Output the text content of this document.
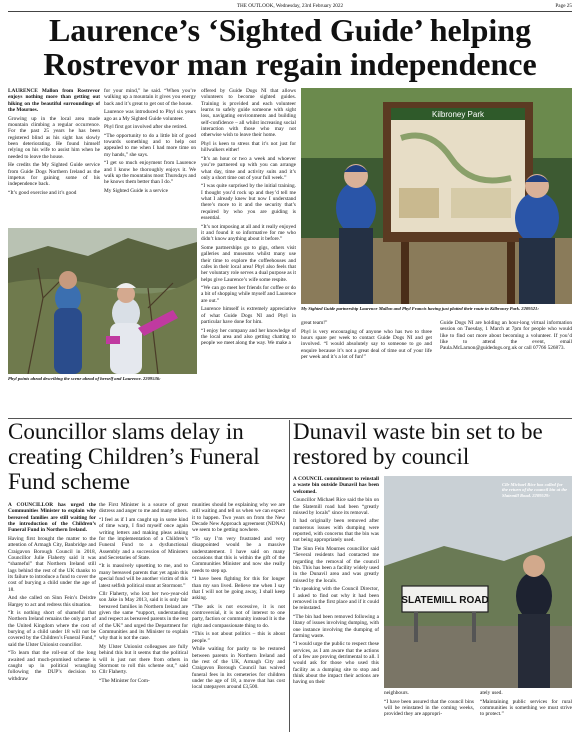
THE OUTLOOK, Wednesday, 23rd February 2022	Page 25
Laurence’s ‘Sighted Guide’ helping
Rostrevor man regain independence

LAURENCE Mallon from Rostrevor enjoys nothing more than getting out hiking on the beautiful surroundings of the Mournes.

Growing up in the local area made mountain climbing a regular occurrence. For the past 25 years he has been registered blind as his sight has slowly been deteriorating. He found himself relying on his wife to assist him when he needed to leave the house.

He credits the My Sighted Guide service from Guide Dogs Northern Ireland as the impetus for gaining some of his independence back.

“It’s good exercise and it’s good

for your mind,” he said. “When you’re walking up a mountain it gives you energy back and it’s great to get out of the house.

Laurence was introduced to Phyl six years ago as a My Sighted Guide volunteer.

Phyl first got involved after she retired.

“The opportunity to do a little bit of good towards something and to help out appealed to me when I had more time on my hands,” she says.

“I get so much enjoyment from Laurence and I know he thoroughly enjoys it. We walk up the mountains most Thursdays and he knows them better than I do.”

My Sighted Guide is a service

offered by Guide Dogs NI that allows volunteers to become sighted guides. Training is provided and each volunteer learns to safely guide someone with sight loss, navigating environments and building self-confidence – all whilst increasing social interaction with those who may not otherwise wish to leave their home.

Phyl is keen to stress that it’s not just for hillwalkers either!

“It’s an hour or two a week and whoever you’re partnered up with you can arrange what day, time and activity suits and it’s only a short time out of your full week.”

“I was quite surprised by the initial training. I thought you’d rock up and they’d tell me what I already knew but now I understand there’s more to it and the security that’s required by who you are guiding is essential.

“It’s not imposing at all and it really enjoyed it and found it so informative for me who didn’t know anything about it before.”

Some partnerships go to gigs, others visit galleries and museums whilst many use their time to explore the coffeehouses and cafes in their local area! Phyl also feels that her voluntary role serves a dual purpose as it helps give Laurence’s wife some respite.

“We can go meet her friends for coffee or do a bit of shopping while myself and Laurence are out.”

Laurence himself is extremely appreciative of what Guide Dogs NI and Phyl in particular have done for him.

“I enjoy her company and her knowledge of the local area and also getting chatting to people we meet along the way. We make a

Phyl points ahead describing the scene ahead of herself and Laurence. 2209536:
Kilbroney Park
My Sighted Guide partnership Laurence Mallon and Phyl Francis having just plotted their route in Kilbroney Park. 2209521:

great team!”

Phyl is very encouraging of anyone who has two to three hours spare per week to contact Guide Dogs NI and get involved. “I would absolutely say to someone to go and enquire because it’s not a great deal of time out of your life per week and it’s a lot of fun!”

Guide Dogs NI are holding an hour-long virtual information session on Tuesday, 1 March at 7pm for people who would like to find out more about becoming a volunteer. If you’d like to attend the event, email Paula.McLarnon@guidedogs.org.uk or call 07766 526873.

Councillor slams delay in creating Children’s Funeral Fund scheme

A COUNCILLOR has urged the Communities Minister to explain why bereaved families are still waiting for the introduction of the Children’s Funeral Fund in Northern Ireland.

Having first brought the matter to the attention of Armagh City, Banbridge and Craigavon Borough Council in 2018, Councillor Julie Flaherty said it was “shameful” that Northern Ireland still lags behind the rest of the UK thanks to its failure to introduce a fund to cover the cost of burying a child under the age of 18.

And she called on Sinn Fein’s Deirdre Hargey to act and redress this situation.

“It is nothing short of shameful that Northern Ireland remains the only part of the United Kingdom where the cost of burying of a child under 18 will not be covered by the Children’s Funeral Fund,” said the Ulster Unionist councillor.

“To learn that the roll-out of the long awaited and much-promised scheme is caught up in political wrangling following the DUP’s decision to withdraw

the First Minister is a source of great distress and anger to me and many others.

“I feel as if I am caught up in some kind of time warp, I find myself once again writing letters and making pleas asking for the implementation of a Children’s Funeral Fund to a dysfunctional Assembly and a succession of Ministers and Secretaries of State.

“It is massively upsetting to me, and to many bereaved parents that yet again this special fund will be another victim of this latest selfish political stunt at Stormont.”

Cllr Flaherty, who lost her two-year-old son Jake in May 2013, said it is only fair bereaved families in Northern Ireland are given the same “support, understanding and respect as bereaved parents in the rest of the UK” and urged the Department for Communities and its Minister to explain why that is not the case.

My Ulster Unionist colleagues are fully behind this but it seems that the political will is just not there from others in Stormont to roll this scheme out,” said Cllr Flaherty.

“The Minister for Com-

munities should be explaining why we are still waiting and tell us when we can expect it to happen. Two years on from the New Decade New Approach agreement (NDNA) we seem to be getting nowhere.

“To say I’m very frustrated and very disappointed would be a massive understatement. I have said on many occasions that this is within the gift of the Communities Minister and now she really needs to step up.

“I have been fighting for this for longer than my son lived. Believe me when I say that I will not be going away, I shall keep asking.

“The ask is not excessive, it is not controversial, it is not of interest to one party, faction or community instead it is the right and compassionate thing to do.

“This is not about politics – this is about people.”

While waiting for parity to be restored between parents in Northern Ireland and the rest of the UK, Armagh City and Craigavon Borough Council has waived funeral fees in its cemeteries for children under the age of 18, a move that has cost local ratepayers around £3,500.

Dunavil waste bin set to be restored by council

A COUNCIL commitment to reinstall a waste bin outside Dunavil has been welcomed.

Councillor Michael Rice said the bin on the Slatemill road had been “greatly missed by locals” since its removal.

It had originally been removed after numerous issues with dumping were reported, with concerns that the bin was not being appropriately used.

The Sinn Fein Mournes councillor said “Several residents had contacted me regarding the removal of the council bin. This has been a facility widely used in the Dunavil area and was greatly missed by the locals.

“In speaking with the Council Director, I asked to find out why it had been removed in the first place and if it could be reinstated.

“The bin had been removed following a litany of issues involving dumping, with one instance involving the dumping of farming waste.

“I would urge the public to respect these services, as I am aware that the actions of a few are proving detrimental to all. I would ask for those who used this facility as a dumping site to stop and think about the impact their actions are having on their

SLATEMILL ROAD
Cllr Michael Rice has called for the return of the council bin at the Slatemill Road. 2209529:

neighbours.

“I have been assured that the council bins will be reinstated in the coming weeks, provided they are appropri-

ately used.

“Maintaining public services for rural communities is something we must strive to protect.”
